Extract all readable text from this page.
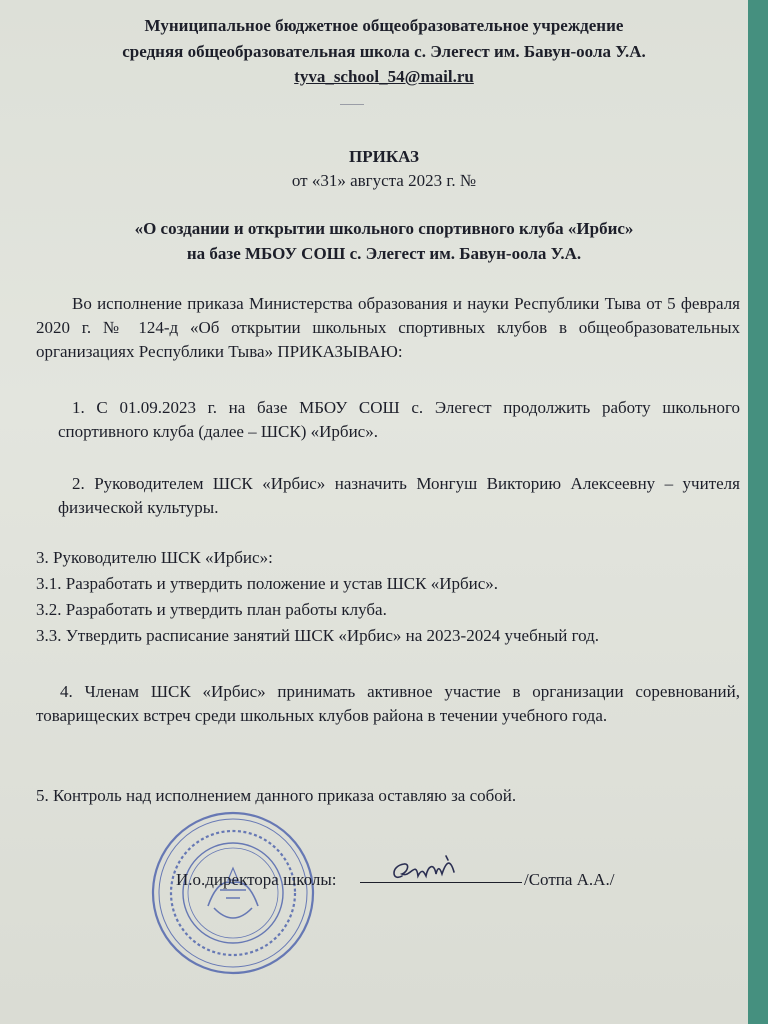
Муниципальное бюджетное общеобразовательное учреждение
средняя общеобразовательная школа с. Элегест им. Бавун-оола У.А.
tyva_school_54@mail.ru
ПРИКАЗ
от «31» августа 2023 г. №
«О создании и открытии школьного спортивного клуба «Ирбис»
на базе МБОУ СОШ с. Элегест им. Бавун-оола У.А.
Во исполнение приказа Министерства образования и науки Республики Тыва от 5 февраля 2020 г. № 124-д «Об открытии школьных спортивных клубов в общеобразовательных организациях Республики Тыва» ПРИКАЗЫВАЮ:
1. С 01.09.2023 г. на базе МБОУ СОШ с. Элегест продолжить работу школьного спортивного клуба (далее – ШСК) «Ирбис».
2. Руководителем ШСК «Ирбис» назначить Монгуш Викторию Алексеевну – учителя физической культуры.
3. Руководителю ШСК «Ирбис»:
3.1. Разработать и утвердить положение и устав ШСК «Ирбис».
3.2. Разработать и утвердить план работы клуба.
3.3. Утвердить расписание занятий ШСК «Ирбис» на 2023-2024 учебный год.
4. Членам ШСК «Ирбис» принимать активное участие в организации соревнований, товарищеских встреч среди школьных клубов района в течении учебного года.
5. Контроль над исполнением данного приказа оставляю за собой.
И.о.директора школы:	/Сотпа А.А./
